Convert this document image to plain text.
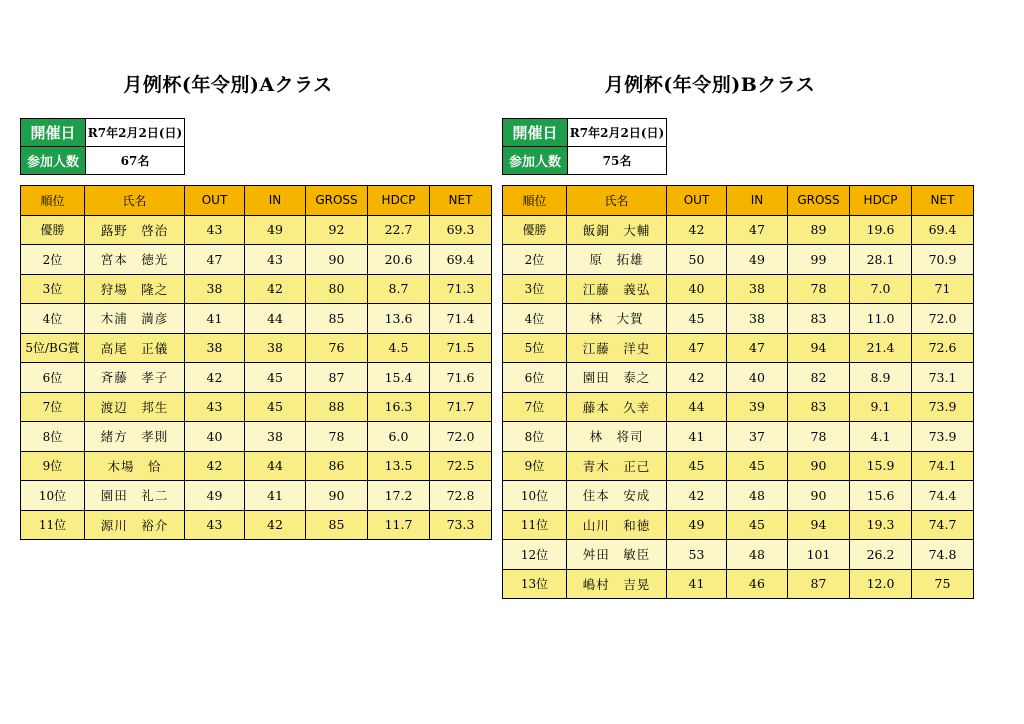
月例杯(年令別)Aクラス
開催日	R7年2月2日(日)
参加人数	67名
順位	氏名	OUT	IN	GROSS	HDCP	NET
優勝	蕗野　啓治	43	49	92	22.7	69.3
2位	宮本　徳光	47	43	90	20.6	69.4
3位	狩場　隆之	38	42	80	8.7	71.3
4位	木浦　満彦	41	44	85	13.6	71.4
5位/BG賞	高尾　正儀	38	38	76	4.5	71.5
6位	斉藤　孝子	42	45	87	15.4	71.6
7位	渡辺　邦生	43	45	88	16.3	71.7
8位	緒方　孝則	40	38	78	6.0	72.0
9位	木場　恰	42	44	86	13.5	72.5
10位	園田　礼二	49	41	90	17.2	72.8
11位	源川　裕介	43	42	85	11.7	73.3
月例杯(年令別)Bクラス
開催日	R7年2月2日(日)
参加人数	75名
順位	氏名	OUT	IN	GROSS	HDCP	NET
優勝	飯銅　大輔	42	47	89	19.6	69.4
2位	原　拓雄	50	49	99	28.1	70.9
3位	江藤　義弘	40	38	78	7.0	71
4位	林　大賀	45	38	83	11.0	72.0
5位	江藤　洋史	47	47	94	21.4	72.6
6位	園田　泰之	42	40	82	8.9	73.1
7位	藤本　久幸	44	39	83	9.1	73.9
8位	林　将司	41	37	78	4.1	73.9
9位	青木　正己	45	45	90	15.9	74.1
10位	住本　安成	42	48	90	15.6	74.4
11位	山川　和徳	49	45	94	19.3	74.7
12位	舛田　敏臣	53	48	101	26.2	74.8
13位	嶋村　吉晃	41	46	87	12.0	75
